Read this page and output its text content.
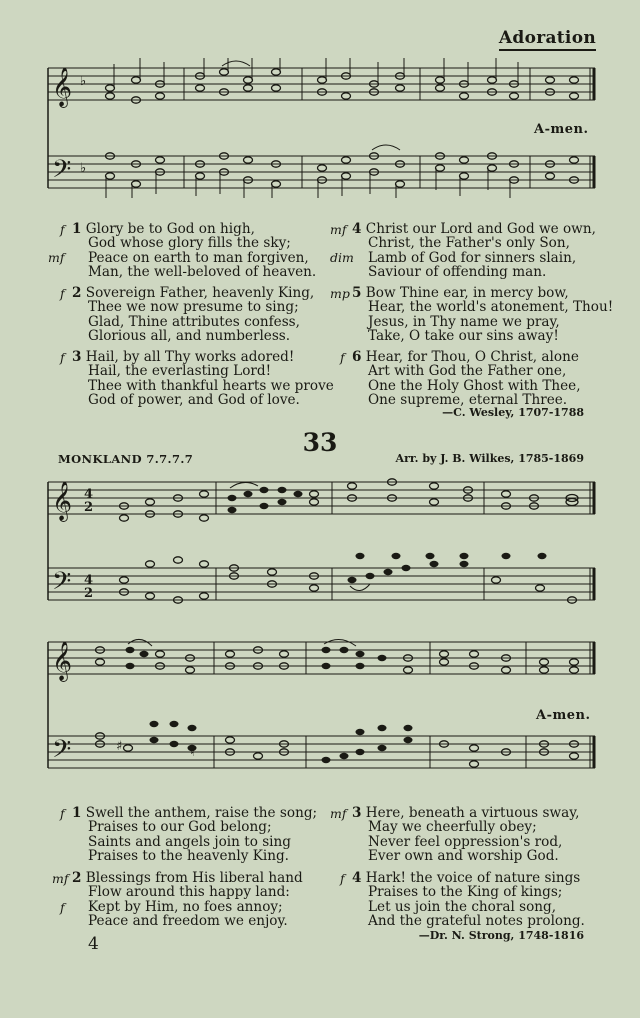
Adoration
𝄞
𝄢
♭
♭
A-men.
f
mf
1 Glory be to God on high,
God whose glory fills the sky;
Peace on earth to man forgiven,
Man, the well-beloved of heaven.
f 2 Sovereign Father, heavenly King,
Thee we now presume to sing;
Glad, Thine attributes confess,
Glorious all, and numberless.
f 3 Hail, by all Thy works adored!
Hail, the everlasting Lord!
Thee with thankful hearts we prove
God of power, and God of love.
mf
dim
4 Christ our Lord and God we own,
Christ, the Father's only Son,
Lamb of God for sinners slain,
Saviour of offending man.
mp 5 Bow Thine ear, in mercy bow,
Hear, the world's atonement, Thou!
Jesus, in Thy name we pray,
Take, O take our sins away!
f 6 Hear, for Thou, O Christ, alone
Art with God the Father one,
One the Holy Ghost with Thee,
One supreme, eternal Three.
—C. Wesley, 1707-1788
33
MONKLAND 7.7.7.7	Arr. by J. B. Wilkes, 1785-1869
𝄞
𝄢
4
2
4
2
𝄞
𝄢	♯	♮
A-men.
f 1 Swell the anthem, raise the song;
Praises to our God belong;
Saints and angels join to sing
Praises to the heavenly King.
mf
f
2 Blessings from His liberal hand
Flow around this happy land:
Kept by Him, no foes annoy;
Peace and freedom we enjoy.
mf 3 Here, beneath a virtuous sway,
May we cheerfully obey;
Never feel oppression's rod,
Ever own and worship God.
f 4 Hark! the voice of nature sings
Praises to the King of kings;
Let us join the choral song,
And the grateful notes prolong.
—Dr. N. Strong, 1748-1816
4
